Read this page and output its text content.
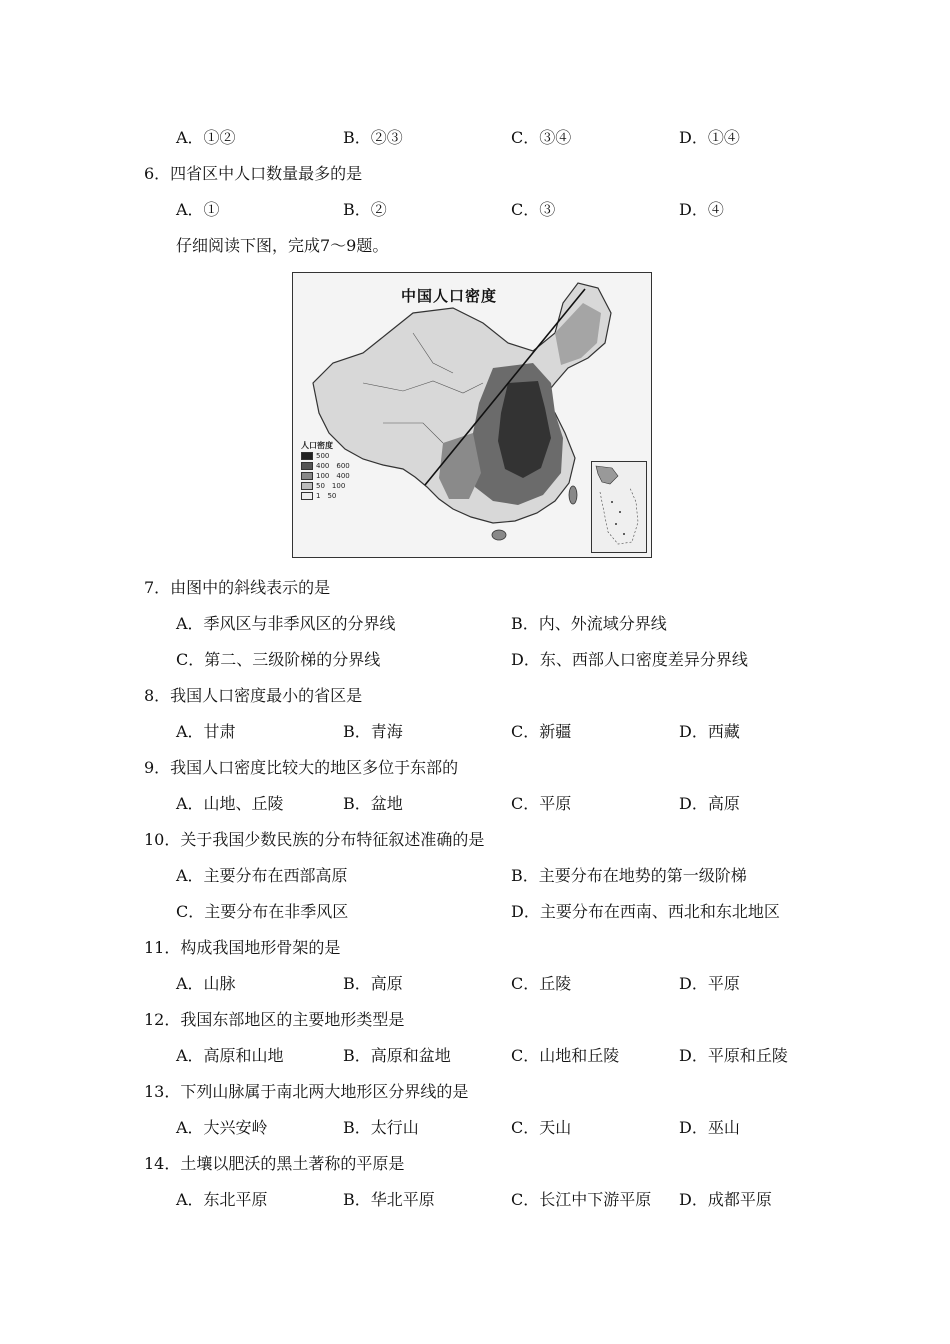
A．①②	B．②③	C．③④	D．①④
6．四省区中人口数量最多的是
A．①	B．②	C．③	D．④
仔细阅读下图，完成7～9题。
中国人口密度
人口密度
500
400　600
100　400
50　100
1　50
7．由图中的斜线表示的是
A．季风区与非季风区的分界线	B．内、外流域分界线
C．第二、三级阶梯的分界线	D．东、西部人口密度差异分界线
8．我国人口密度最小的省区是
A．甘肃	B．青海	C．新疆	D．西藏
9．我国人口密度比较大的地区多位于东部的
A．山地、丘陵	B．盆地	C．平原	D．高原
10．关于我国少数民族的分布特征叙述准确的是
A．主要分布在西部高原	B．主要分布在地势的第一级阶梯
C．主要分布在非季风区	D．主要分布在西南、西北和东北地区
11．构成我国地形骨架的是
A．山脉	B．高原	C．丘陵	D．平原
12．我国东部地区的主要地形类型是
A．高原和山地	B．高原和盆地	C．山地和丘陵	D．平原和丘陵
13．下列山脉属于南北两大地形区分界线的是
A．大兴安岭	B．太行山	C．天山	D．巫山
14．土壤以肥沃的黑土著称的平原是
A．东北平原	B．华北平原	C．长江中下游平原 D．成都平原
